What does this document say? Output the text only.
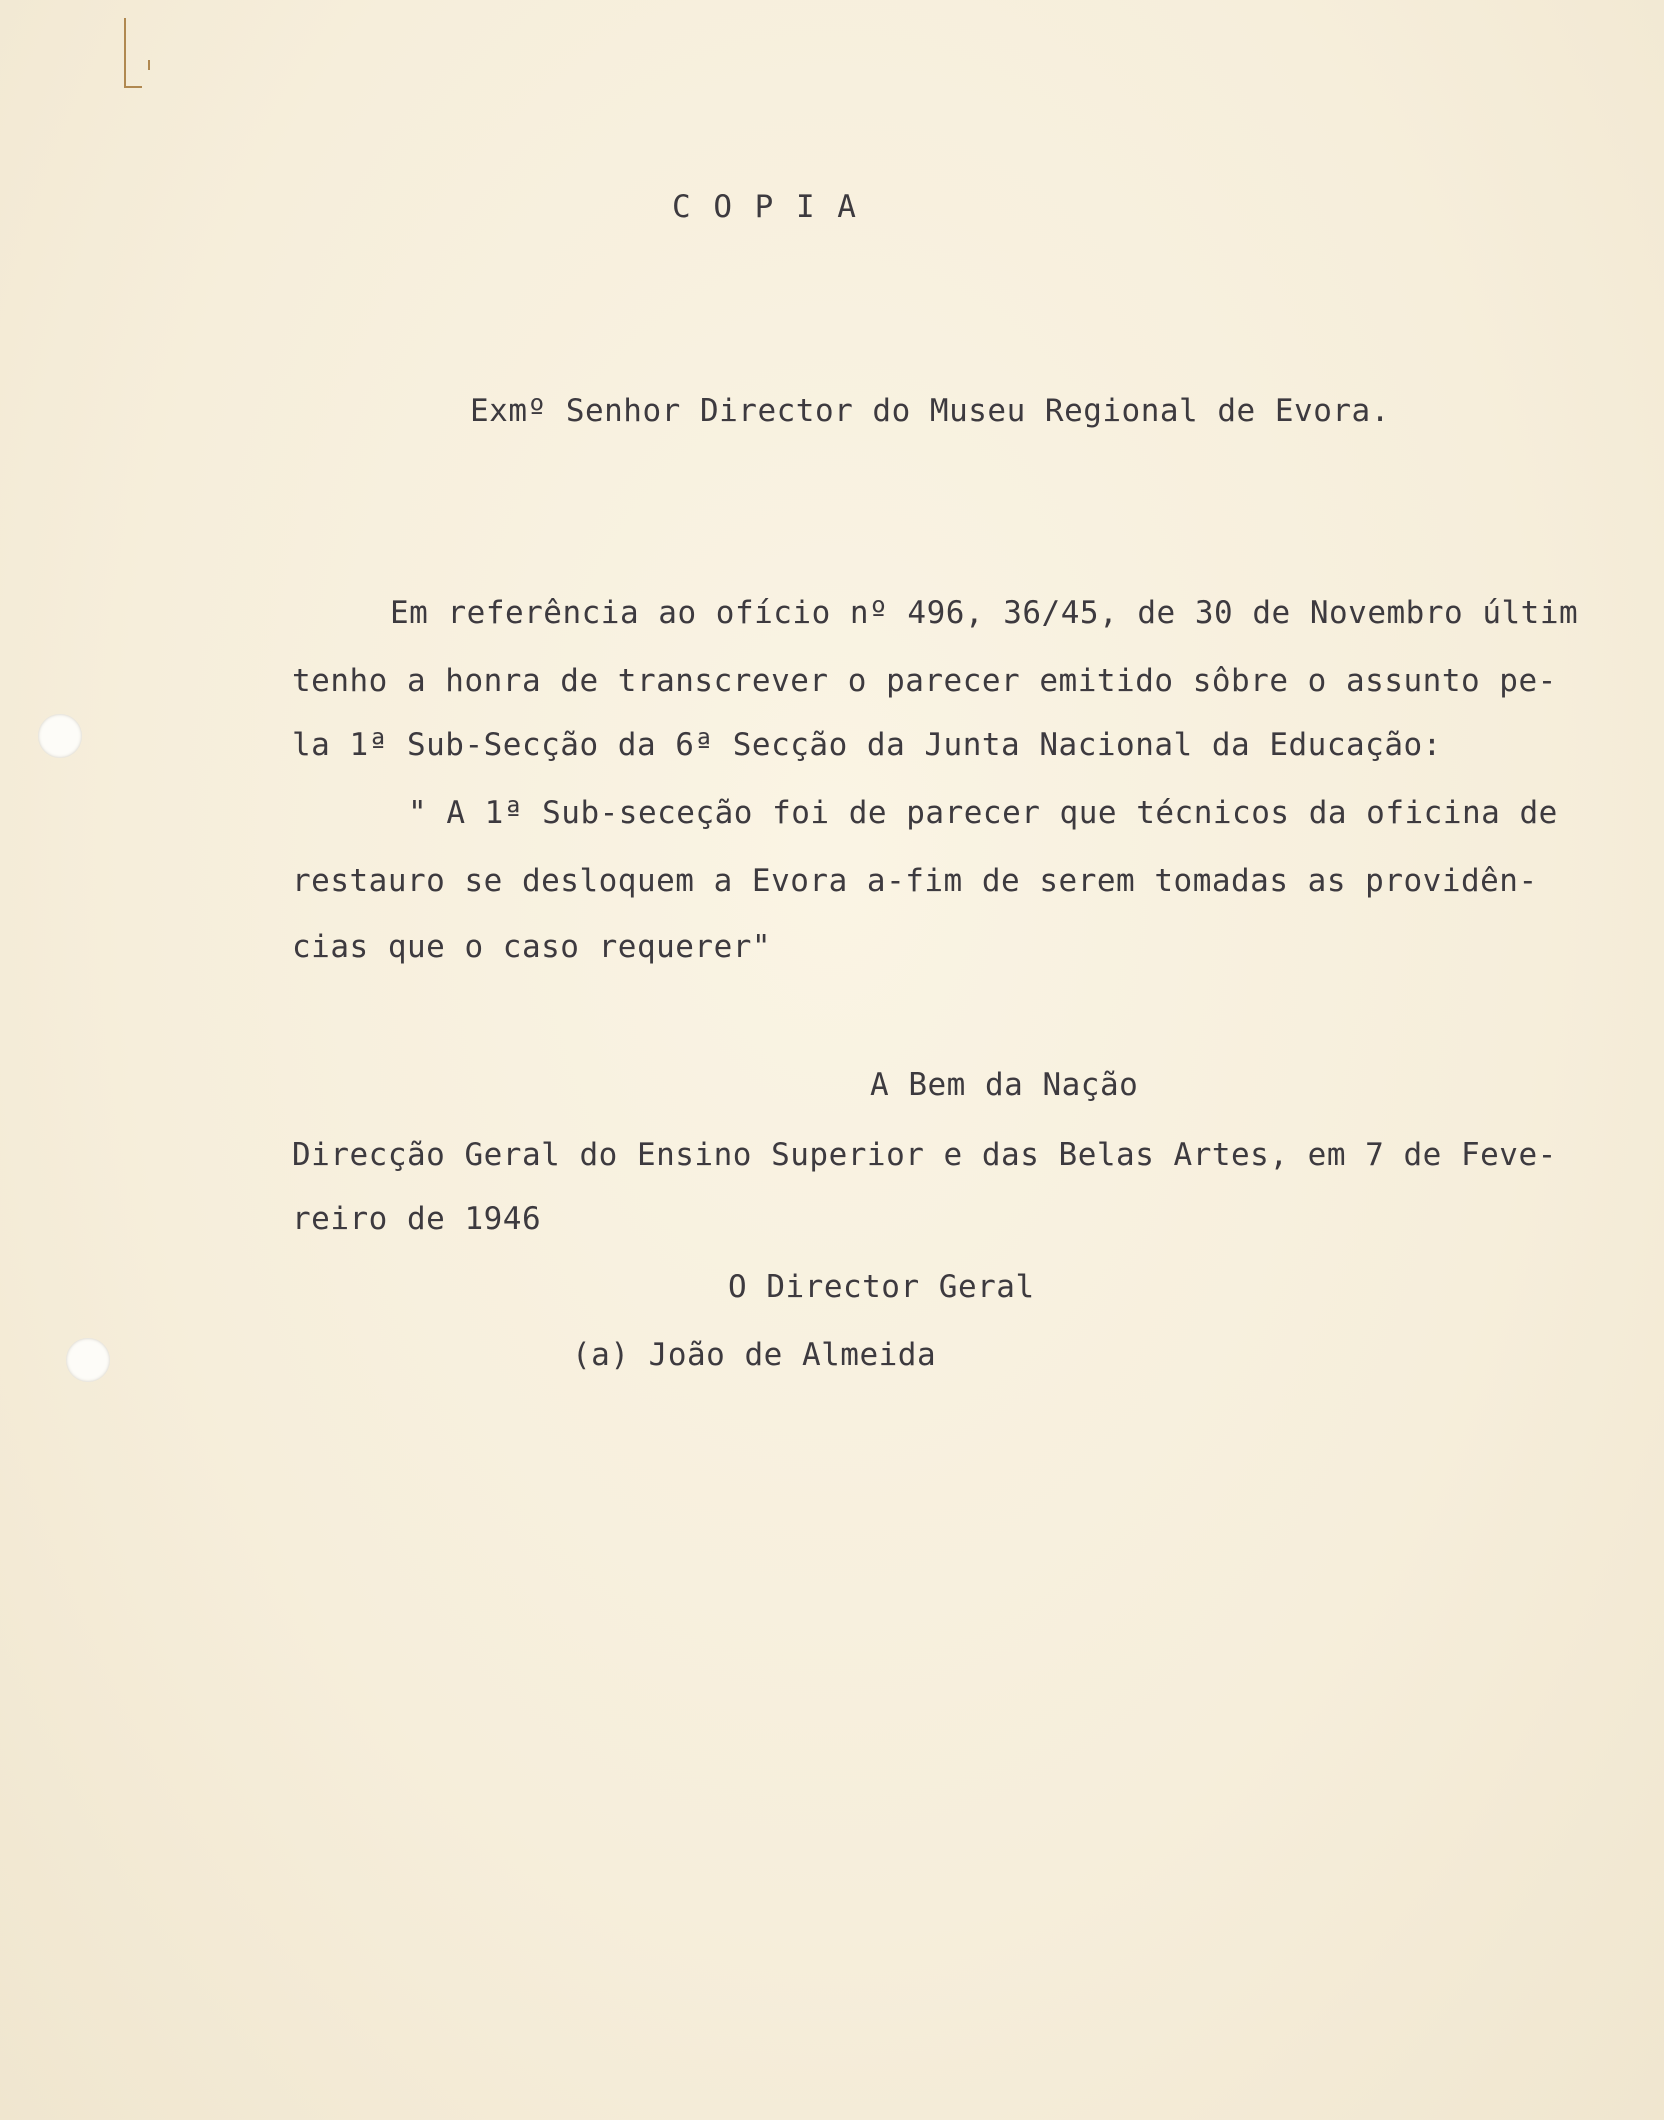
C O P I A
Exmº Senhor Director do Museu Regional de Evora.
Em referência ao ofício nº 496, 36/45, de 30 de Novembro últim
tenho a honra de transcrever o parecer emitido sôbre o assunto pe-
la 1ª Sub-Secção da 6ª Secção da Junta Nacional da Educação:
" A 1ª Sub-seceção foi de parecer que técnicos da oficina de
restauro se desloquem a Evora a-fim de serem tomadas as providên-
cias que o caso requerer"
A Bem da Nação
Direcção Geral do Ensino Superior e das Belas Artes, em 7 de Feve-
reiro de 1946
O Director Geral
(a) João de Almeida
